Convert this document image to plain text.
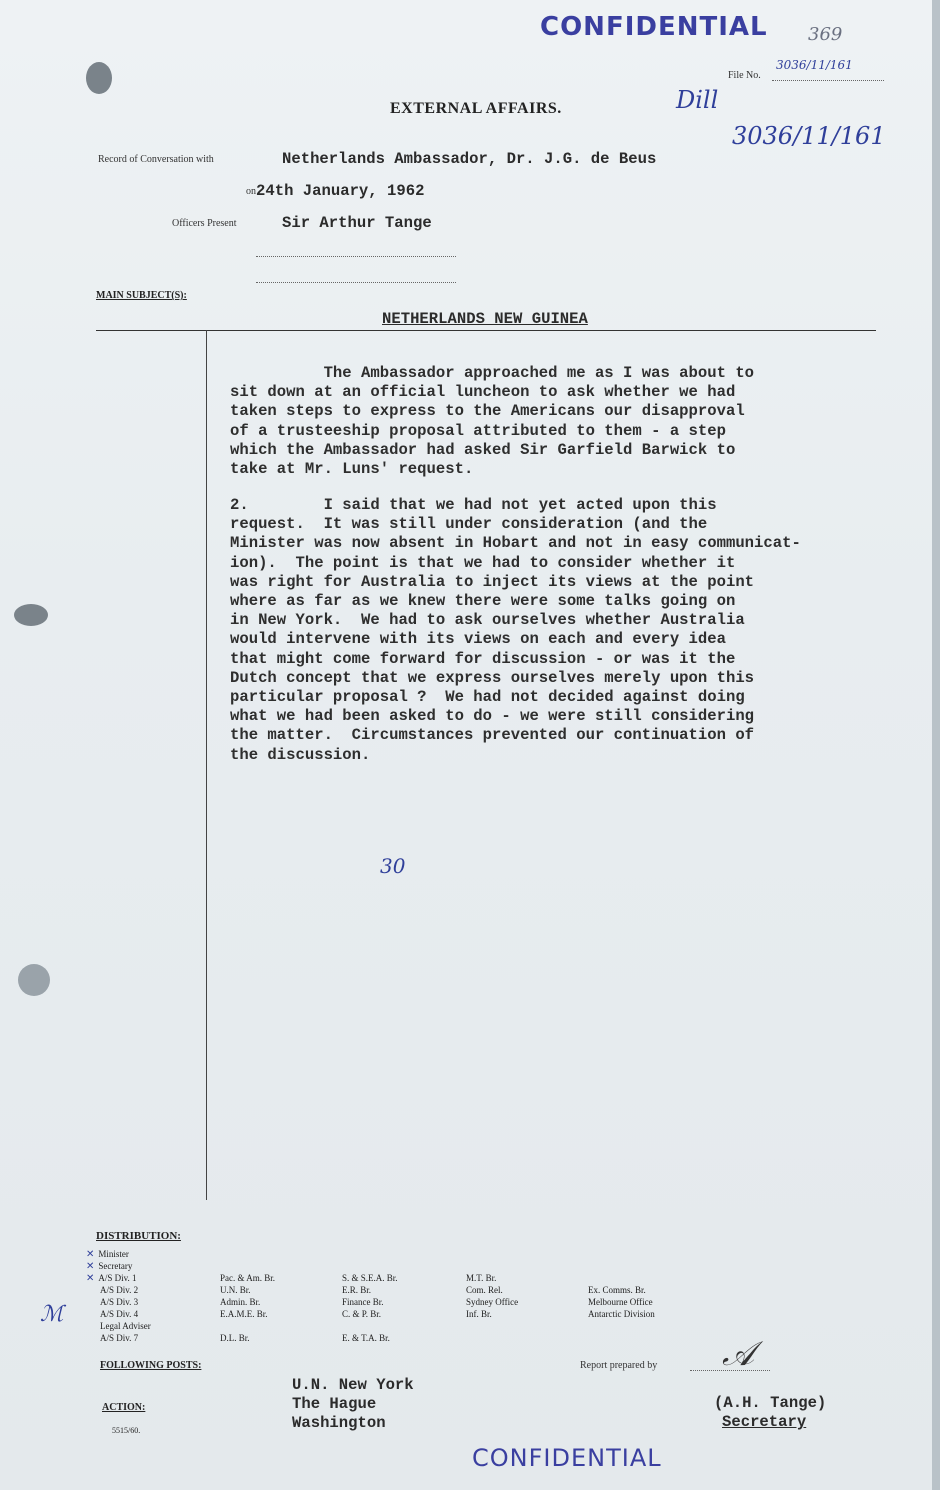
CONFIDENTIAL 369
File No.
3036/11/161
Dill
3036/11/161
EXTERNAL AFFAIRS.
Record of Conversation with	Netherlands Ambassador, Dr. J.G. de Beus
on 24th January, 1962
Officers Present	Sir Arthur Tange
MAIN SUBJECT(S):
NETHERLANDS NEW GUINEA
The Ambassador approached me as I was about to
sit down at an official luncheon to ask whether we had
taken steps to express to the Americans our disapproval
of a trusteeship proposal attributed to them - a step
which the Ambassador had asked Sir Garfield Barwick to
take at Mr. Luns' request.
2.        I said that we had not yet acted upon this
request.  It was still under consideration (and the
Minister was now absent in Hobart and not in easy communicat-
ion).  The point is that we had to consider whether it
was right for Australia to inject its views at the point
where as far as we knew there were some talks going on
in New York.  We had to ask ourselves whether Australia
would intervene with its views on each and every idea
that might come forward for discussion - or was it the
Dutch concept that we express ourselves merely upon this
particular proposal ?  We had not decided against doing
what we had been asked to do - we were still considering
the matter.  Circumstances prevented our continuation of
the discussion.
30
DISTRIBUTION:
✕ Minister
✕ Secretary
✕ A/S Div. 1
A/S Div. 2
A/S Div. 3
A/S Div. 4
Legal Adviser
A/S Div. 7
ℳ
Pac. & Am. Br.
U.N. Br.
Admin. Br.
E.A.M.E. Br.
D.L. Br.
S. & S.E.A. Br.
E.R. Br.
Finance Br.
C. & P. Br.
E. & T.A. Br.
M.T. Br.
Com. Rel.
Sydney Office
Inf. Br.
Ex. Comms. Br.
Melbourne Office
Antarctic Division
FOLLOWING POSTS:
U.N. New York
The Hague
Washington
ACTION:
5515/60.
Report prepared by 𝒜
(A.H. Tange)
Secretary
CONFIDENTIAL
